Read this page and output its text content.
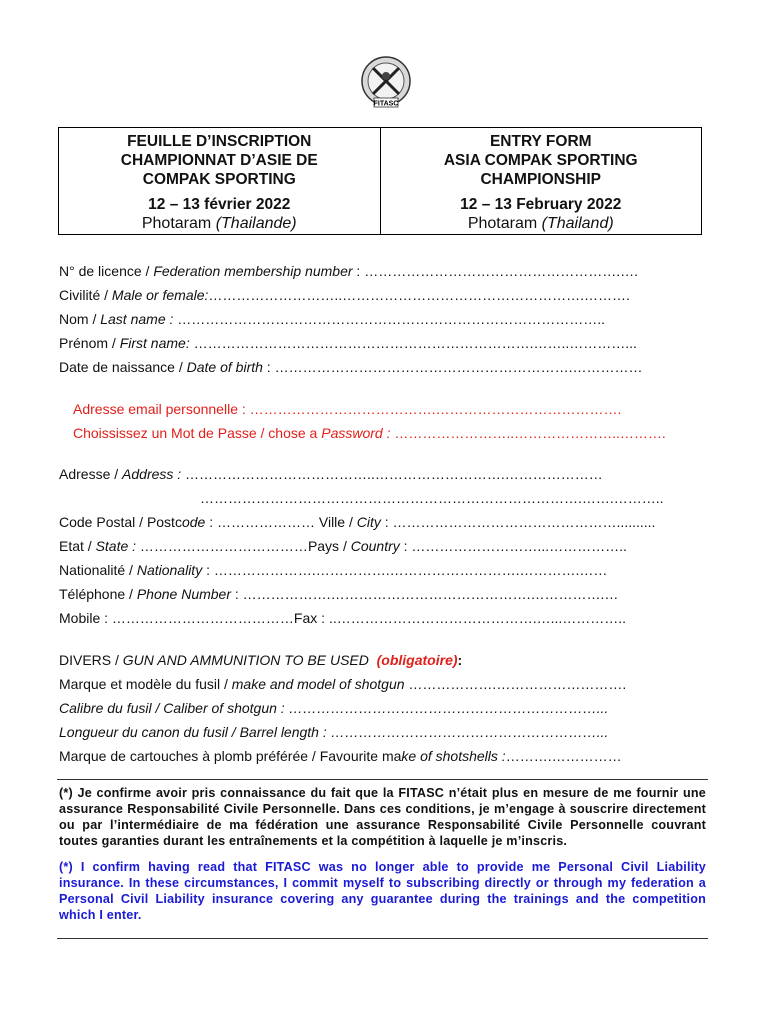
FITASC
FEUILLE D’INSCRIPTION
CHAMPIONNAT D’ASIE DE
COMPAK SPORTING
12 – 13 février 2022
Photaram (Thailande)
ENTRY FORM
ASIA COMPAK SPORTING
CHAMPIONSHIP
12 – 13 February 2022
Photaram (Thailand)
N° de licence / Federation membership number : ……………………………………………….….
Civilité / Male or female:………………………..…………………………………………….……….
Nom / Last name : ………………………………………………………………………………..
Prénom / First name: ……………………………………………………………….……..…………...
Date de naissance / Date of birth : ……………………………………………………….……………
Adresse email personnelle : ………………………………….………………………………….
Choississez un Mot de Passe / chose a Password : ……………………..…………………..……….
Adresse / Address : …………………………………..……………………….…………………
……………………………………………………………………….…….………..
Code Postal / Postcode : ………………… Ville / City : …………………………………………..........
Etat / State : ………………………………Pays / Country : ………………………...……………..
Nationalité / Nationality : ………………….…………….……………………….………….……
Téléphone / Phone Number : ……………….…………………………………….…………….…
Mobile : …………………………………Fax : ..…………………………………….…...…………..
DIVERS / GUN AND AMMUNITION TO BE USED (obligatoire):
Marque et modèle du fusil / make and model of shotgun ……………….……………………….
Calibre du fusil / Caliber of shotgun : …………………………………………………………...
Longueur du canon du fusil / Barrel length : …………………………………………………...
Marque de cartouches à plomb préférée / Favourite make of shotshells :……….……………

(*) Je confirme avoir pris connaissance du fait que la FITASC n’était plus en mesure de me fournir une assurance Responsabilité Civile Personnelle. Dans ces conditions, je m’engage à souscrire directement ou par l’intermédiaire de ma fédération une assurance Responsabilité Civile Personnelle couvrant toutes garanties durant les entraînements et la compétition à laquelle je m’inscris.

(*) I confirm having read that FITASC was no longer able to provide me Personal Civil Liability insurance. In these circumstances, I commit myself to subscribing directly or through my federation a Personal Civil Liability insurance covering any guarantee during the trainings and the competition which I enter.
